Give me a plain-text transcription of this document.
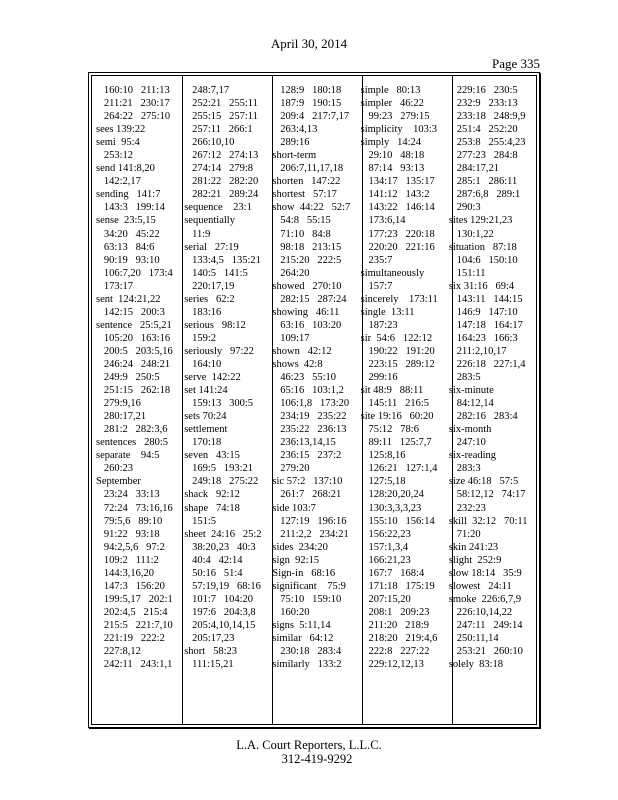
April 30, 2014
Page 335
160:10   211:13
211:21   230:17
264:22   275:10
sees 139:22
semi  95:4
253:12
send 141:8,20
142:2,17
sending   141:7
143:3   199:14
sense  23:5,15
34:20   45:22
63:13   84:6
90:19   93:10
106:7,20   173:4
173:17
sent  124:21,22
142:15   200:3
sentence   25:5,21
105:20   163:16
200:5   203:5,16
246:24   248:21
249:9   250:5
251:15   262:18
279:9,16
280:17,21
281:2   282:3,6
sentences   280:5
separate    94:5
260:23
September
23:24   33:13
72:24   73:16,16
79:5,6   89:10
91:22   93:18
94:2,5,6   97:2
109:2   111:2
144:3,16,20
147:3   156:20
199:5,17   202:1
202:4,5   215:4
215:5   221:7,10
221:19   222:2
227:8,12
242:11   243:1,1
248:7,17
252:21   255:11
255:15   257:11
257:11   266:1
266:10,10
267:12   274:13
274:14   279:8
281:22   282:20
282:21   289:24
sequence    23:1
sequentially
11:9
serial   27:19
133:4,5   135:21
140:5   141:5
220:17,19
series   62:2
183:16
serious   98:12
159:2
seriously   97:22
164:10
serve  142:22
set 141:24
159:13   300:5
sets 70:24
settlement
170:18
seven   43:15
169:5   193:21
249:18   275:22
shack   92:12
shape   74:18
151:5
sheet  24:16   25:2
38:20,23   40:3
40:4   42:14
50:16   51:4
57:19,19   68:16
101:7   104:20
197:6   204:3,8
205:4,10,14,15
205:17,23
short   58:23
111:15,21
128:9   180:18
187:9   190:15
209:4   217:7,17
263:4,13
289:16
short-term
206:7,11,17,18
shorten   147:22
shortest   57:17
show  44:22   52:7
54:8   55:15
71:10   84:8
98:18   213:15
215:20   222:5
264:20
showed   270:10
282:15   287:24
showing   46:11
63:16   103:20
109:17
shown   42:12
shows  42:8
46:23   55:10
65:16   103:1,2
106:1,8   173:20
234:19   235:22
235:22   236:13
236:13,14,15
236:15   237:2
279:20
sic 57:2   137:10
261:7   268:21
side 103:7
127:19   196:16
211:2,2   234:21
sides  234:20
sign  92:15
Sign-in   68:16
significant    75:9
75:10   159:10
160:20
signs  5:11,14
similar   64:12
230:18   283:4
similarly   133:2
simple   80:13
simpler   46:22
99:23   279:15
simplicity    103:3
simply   14:24
29:10   48:18
87:14   93:13
134:17   135:17
141:12   143:2
143:22   146:14
173:6,14
177:23   220:18
220:20   221:16
235:7
simultaneously
157:7
sincerely    173:11
single  13:11
187:23
sir  54:6   122:12
190:22   191:20
223:15   289:12
299:16
sit 48:9   88:11
145:11   216:5
site 19:16   60:20
75:12   78:6
89:11   125:7,7
125:8,16
126:21   127:1,4
127:5,18
128:20,20,24
130:3,3,3,23
155:10   156:14
156:22,23
157:1,3,4
166:21,23
167:7   168:4
171:18   175:19
207:15,20
208:1   209:23
211:20   218:9
218:20   219:4,6
222:8   227:22
229:12,12,13
229:16   230:5
232:9   233:13
233:18   248:9,9
251:4   252:20
253:8   255:4,23
277:23   284:8
284:17,21
285:1   286:11
287:6,8   289:1
290:3
sites 129:21,23
130:1,22
situation   87:18
104:6   150:10
151:11
six 31:16   69:4
143:11   144:15
146:9   147:10
147:18   164:17
164:23   166:3
211:2,10,17
226:18   227:1,4
283:5
six-minute
84:12,14
282:16   283:4
six-month
247:10
six-reading
283:3
size 46:18   57:5
58:12,12   74:17
232:23
skill  32:12   70:11
71:20
skin 241:23
slight  252:9
slow 18:14   35:9
slowest   24:11
smoke  226:6,7,9
226:10,14,22
247:11   249:14
250:11,14
253:21   260:10
solely  83:18
L.A. Court Reporters, L.L.C.
312-419-9292
